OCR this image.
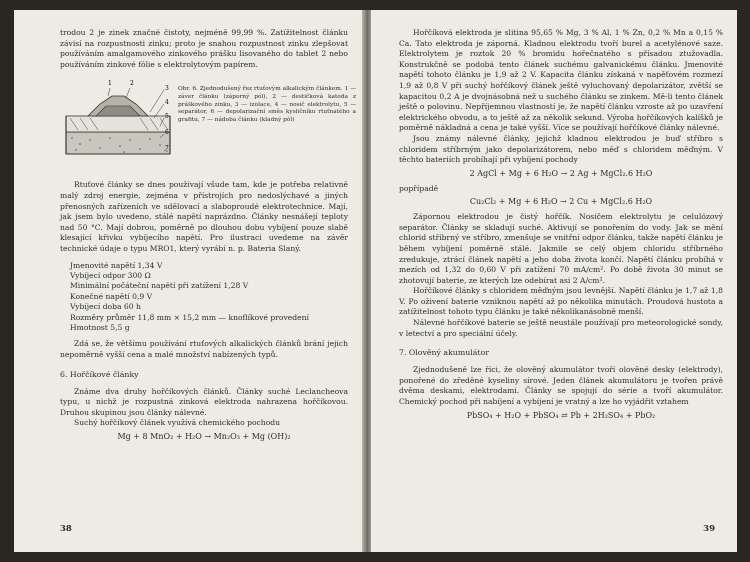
trodou 2 je zinek značné čistoty, nejméně 99,99 %. Zatížitelnost článku závisí na rozpustnosti zinku; proto je snahou rozpustnost zinku zlepšovat používáním amalgamového zinkového prášku lisovaného do tablet 2 nebo používáním zinkové fólie s elektrolytovým papírem.

1	2
3
4
5
6
7
Obr. 6. Zjednodušený řez rtuťovým alkalickým článkem. 1 — záver článku (záporný pól), 2 — destičková katoda z práškového zinku, 3 — izolace, 4 — nosič elektrolytu, 5 — separátor, 6 — depolarizační směs kysličníku rtuťnatého a grafitu, 7 — nádoba článku (kladný pól)

Rtuťové články se dnes používají všude tam, kde je potřeba relativně malý zdroj energie, zejména v přístrojích pro nedoslýchavé a jiných přenosných zařízeních ve sdělovací a slaboproudé elektrotechnice. Mají, jak jsem bylo uvedeno, stálé napětí naprázdno. Články nesnášejí teploty nad 50 °C. Mají dobrou, poměrně po dlouhou dobu vybíjení pouze slabě klesající křivku vybíjecího napětí. Pro ilustraci uvedeme na závěr technické údaje o typu MRO1, který vyrábí n. p. Bateria Slaný.

Jmenovité napětí 1,34 V

Vybíjecí odpor 300 Ω

Minimální počáteční napětí při zatížení 1,28 V

Konečné napětí 0,9 V

Vybíjecí doba 60 h

Rozměry průměr 11,8 mm × 15,2 mm — knoflíkové provedení

Hmotnost 5,5 g

Zdá se, že většímu používání rtuťových alkalických článků brání jejich nepoměrně vyšší cena a malé množství nabízených typů.

6. Hořčíkové články

Známe dva druhy hořčíkových článků. Články suché Leclancheova typu, u nichž je rozpustná zinková elektroda nahrazena hořčíkovou. Druhou skupinou jsou články nálevné.

Suchý hořčíkový článek využívá chemického pochodu

Mg + 8 MnO₂ + H₂O → Mn₂O₃ + Mg (OH)₂

38

Hořčíková elektroda je slitina 95,65 % Mg, 3 % Al, 1 % Zn, 0,2 % Mn a 0,15 % Ca. Tato elektroda je záporná. Kladnou elektrodu tvoří burel a acetylénové saze. Elektrolytem je roztok 20 % bromidu hořečnatého s přísadou ztužovadla. Konstrukčně se podobá tento článek suchému galvanickému článku. Jmenovité napětí tohoto článku je 1,9 až 2 V. Kapacita článku získaná v napěťovém rozmezí 1,9 až 0,8 V při suchý hořčíkový článek ještě vyluchovaný depolarizátor, zvětší se kapacitou 0,2 A je dvojnásobná než u suchého článku se zinkem. Mě-li tento článek ještě o polovinu. Nepříjemnou vlastností je, že napětí článku vzroste až po uzavření elektrického obvodu, a to ještě až za několik sekund. Výroba hořčíkových kalíšků je poměrně nákladná a cena je také vyšší. Více se používají hořčíkové články nálevné.

Jsou známy nálevné články, jejichž kladnou elektrodou je buď stříbro s chloridem stříbrným jako depolarizátorem, nebo měď s chloridem měďným. V těchto bateriích probíhají při vybíjení pochody

2 AgCl + Mg + 6 H₂O → 2 Ag + MgCl₂.6 H₂O

popřípadě

Cu₂Cl₂ + Mg + 6 H₂O → 2 Cu + MgCl₂.6 H₂O

Zápornou elektrodou je čistý hořčík. Nosičem elektrolytu je celulózový separátor. Články se skladují suché. Aktivují se ponořením do vody. Jak se mění chlorid stříbrný ve stříbro, zmenšuje se vnitřní odpor článku, takže napětí článku je během vybíjení poměrně stálé. Jakmile se celý objem chloridu stříbrného zredukuje, ztrácí článek napětí a jeho doba života končí. Napětí článku probíhá v mezích od 1,32 do 0,60 V při zatížení 70 mA/cm². Po době života 30 minut se zhotovují baterie, ze kterých lze odebírat asi 2 A/cm².

Hořčíkové články s chloridem měďným jsou levnější. Napětí článku je 1,7 až 1,8 V. Po oživení baterie vzniknou napětí až po několika minutách. Proudová hustota a zatížitelnost tohoto typu článku je také několikanásobně menší.

Nálevné hořčíkové baterie se ještě neustále používají pro meteorologické sondy, v letectví a pro speciální účely.

7. Olověný akumulátor

Zjednodušeně lze říci, že olověný akumulátor tvoří olověné desky (elektrody), ponořené do zředěné kyseliny sírové. Jeden článek akumulátoru je tvořen právě dvěma deskami, elektrodami. Články se spojují do série a tvoří akumulátor. Chemický pochod při nabíjení a vybíjení je vratný a lze ho vyjádřit vztahem

PbSO₄ + H₂O + PbSO₄ ⇌ Pb + 2H₂SO₄ + PbO₂

39
